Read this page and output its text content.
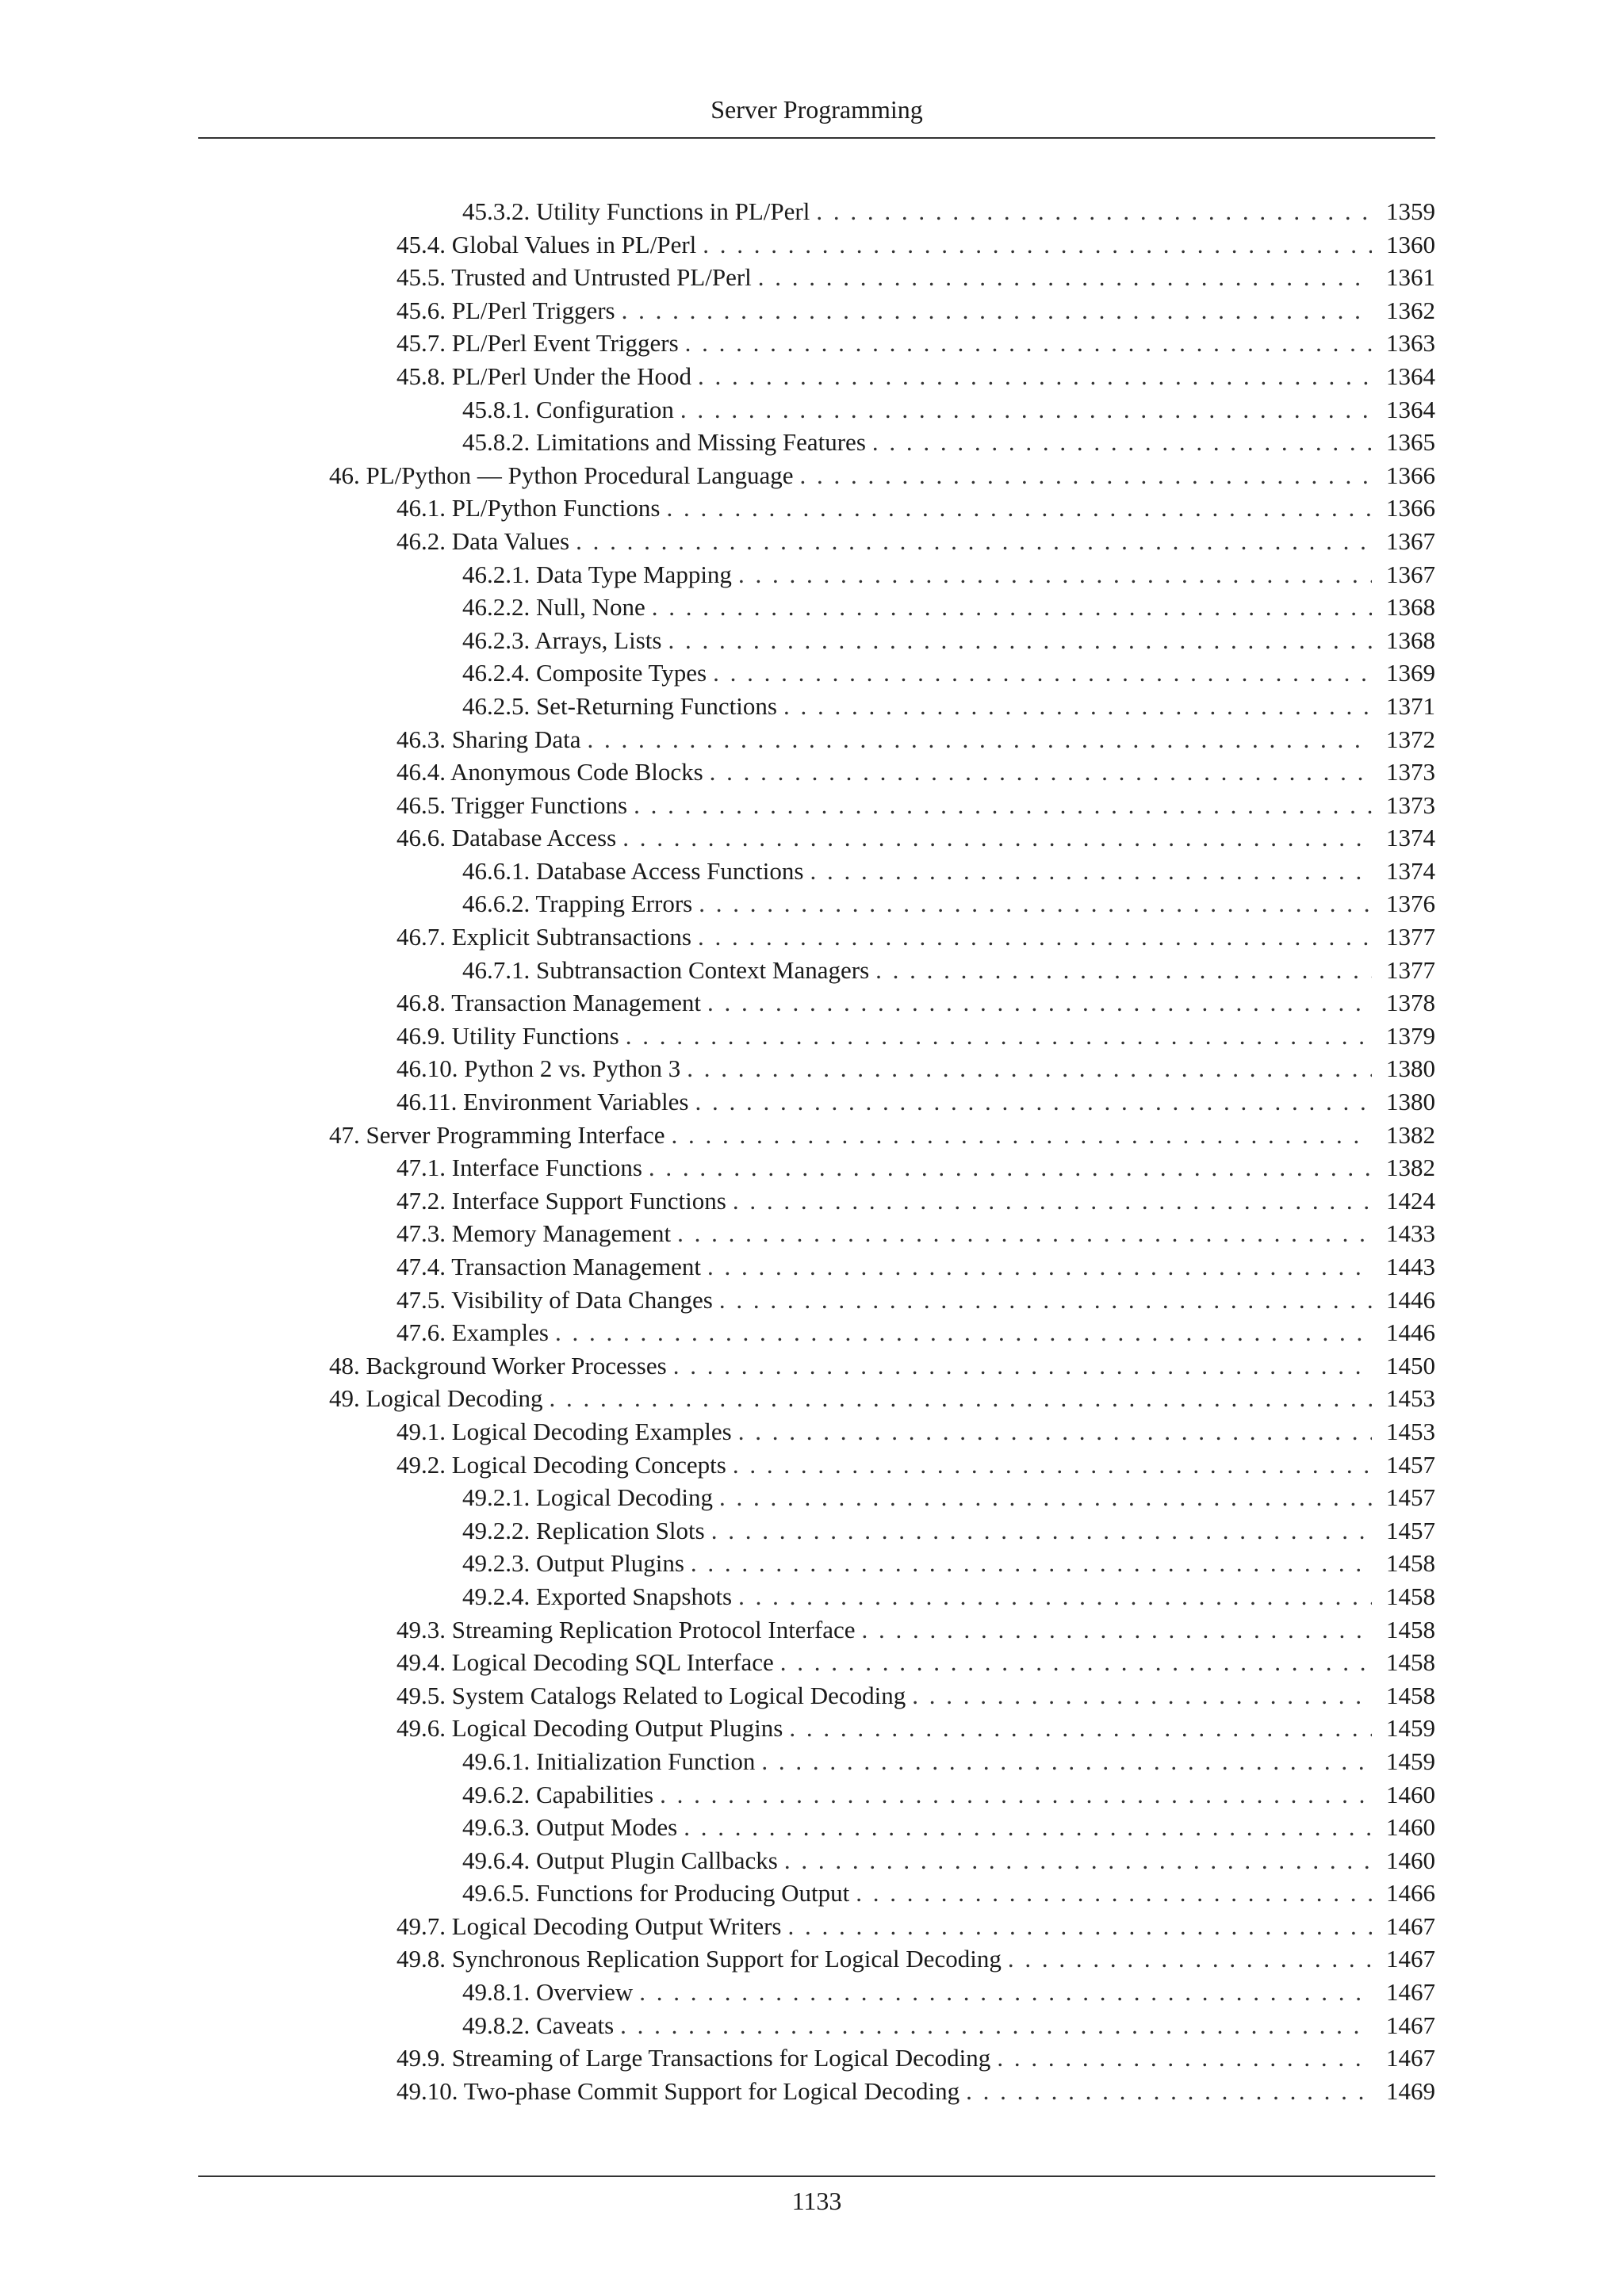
Server Programming
45.3.2. Utility Functions in PL/Perl . . .	1359
45.4. Global Values in PL/Perl . . .	1360
45.5. Trusted and Untrusted PL/Perl . . .	1361
45.6. PL/Perl Triggers . . .	1362
45.7. PL/Perl Event Triggers . . .	1363
45.8. PL/Perl Under the Hood . . .	1364
45.8.1. Configuration . . .	1364
45.8.2. Limitations and Missing Features . . .	1365
46. PL/Python — Python Procedural Language . . .	1366
46.1. PL/Python Functions . . .	1366
46.2. Data Values . . .	1367
46.2.1. Data Type Mapping . . .	1367
46.2.2. Null, None . . .	1368
46.2.3. Arrays, Lists . . .	1368
46.2.4. Composite Types . . .	1369
46.2.5. Set-Returning Functions . . .	1371
46.3. Sharing Data . . .	1372
46.4. Anonymous Code Blocks . . .	1373
46.5. Trigger Functions . . .	1373
46.6. Database Access . . .	1374
46.6.1. Database Access Functions . . .	1374
46.6.2. Trapping Errors . . .	1376
46.7. Explicit Subtransactions . . .	1377
46.7.1. Subtransaction Context Managers . . .	1377
46.8. Transaction Management . . .	1378
46.9. Utility Functions . . .	1379
46.10. Python 2 vs. Python 3 . . .	1380
46.11. Environment Variables . . .	1380
47. Server Programming Interface . . .	1382
47.1. Interface Functions . . .	1382
47.2. Interface Support Functions . . .	1424
47.3. Memory Management . . .	1433
47.4. Transaction Management . . .	1443
47.5. Visibility of Data Changes . . .	1446
47.6. Examples . . .	1446
48. Background Worker Processes . . .	1450
49. Logical Decoding . . .	1453
49.1. Logical Decoding Examples . . .	1453
49.2. Logical Decoding Concepts . . .	1457
49.2.1. Logical Decoding . . .	1457
49.2.2. Replication Slots . . .	1457
49.2.3. Output Plugins . . .	1458
49.2.4. Exported Snapshots . . .	1458
49.3. Streaming Replication Protocol Interface . . .	1458
49.4. Logical Decoding SQL Interface . . .	1458
49.5. System Catalogs Related to Logical Decoding . . .	1458
49.6. Logical Decoding Output Plugins . . .	1459
49.6.1. Initialization Function . . .	1459
49.6.2. Capabilities . . .	1460
49.6.3. Output Modes . . .	1460
49.6.4. Output Plugin Callbacks . . .	1460
49.6.5. Functions for Producing Output . . .	1466
49.7. Logical Decoding Output Writers . . .	1467
49.8. Synchronous Replication Support for Logical Decoding . . .	1467
49.8.1. Overview . . .	1467
49.8.2. Caveats . . .	1467
49.9. Streaming of Large Transactions for Logical Decoding . . .	1467
49.10. Two-phase Commit Support for Logical Decoding . . .	1469
1133
